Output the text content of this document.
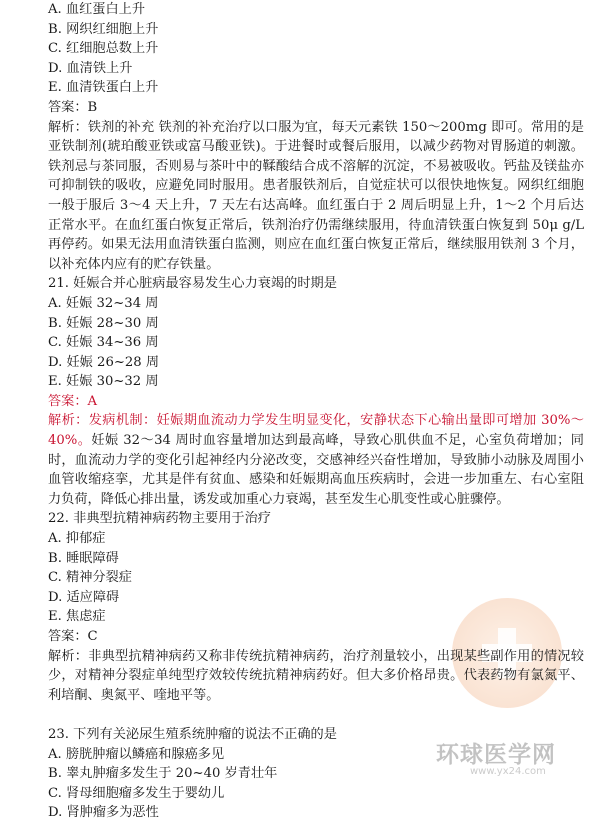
A. 血红蛋白上升
B. 网织红细胞上升
C. 红细胞总数上升
D. 血清铁上升
E. 血清铁蛋白上升
答案：B
解析：铁剂的补充 铁剂的补充治疗以口服为宜，每天元素铁 150～200mg 即可。常用的是亚铁制剂(琥珀酸亚铁或富马酸亚铁)。于进餐时或餐后服用，以减少药物对胃肠道的刺激。铁剂忌与茶同服，否则易与茶叶中的鞣酸结合成不溶解的沉淀，不易被吸收。钙盐及镁盐亦可抑制铁的吸收，应避免同时服用。患者服铁剂后，自觉症状可以很快地恢复。网织红细胞一般于服后 3～4 天上升，7 天左右达高峰。血红蛋白于 2 周后明显上升，1～2 个月后达正常水平。在血红蛋白恢复正常后，铁剂治疗仍需继续服用，待血清铁蛋白恢复到 50μ g/L 再停药。如果无法用血清铁蛋白监测，则应在血红蛋白恢复正常后，继续服用铁剂 3 个月，以补充体内应有的贮存铁量。
21. 妊娠合并心脏病最容易发生心力衰竭的时期是
A. 妊娠 32~34 周
B. 妊娠 28~30 周
C. 妊娠 34~36 周
D. 妊娠 26~28 周
E. 妊娠 30~32 周
答案：A
解析：发病机制：妊娠期血流动力学发生明显变化，安静状态下心输出量即可增加 30%～40%。妊娠 32～34 周时血容量增加达到最高峰，导致心肌供血不足，心室负荷增加；同时，血流动力学的变化引起神经内分泌改变，交感神经兴奋性增加，导致肺小动脉及周围小血管收缩痉挛，尤其是伴有贫血、感染和妊娠期高血压疾病时，会进一步加重左、右心室阻力负荷，降低心排出量，诱发或加重心力衰竭，甚至发生心肌变性或心脏骤停。
22. 非典型抗精神病药物主要用于治疗
A. 抑郁症
B. 睡眠障碍
C. 精神分裂症
D. 适应障碍
E. 焦虑症
答案：C
解析：非典型抗精神病药又称非传统抗精神病药，治疗剂量较小，出现某些副作用的情况较少，对精神分裂症单纯型疗效较传统抗精神病药好。但大多价格昂贵。代表药物有氯氮平、利培酮、奥氮平、喹地平等。
23. 下列有关泌尿生殖系统肿瘤的说法不正确的是
A. 膀胱肿瘤以鳞癌和腺癌多见
B. 睾丸肿瘤多发生于 20~40 岁青壮年
C. 肾母细胞瘤多发生于婴幼儿
D. 肾肿瘤多为恶性
环球医学网
www.yx24.com
